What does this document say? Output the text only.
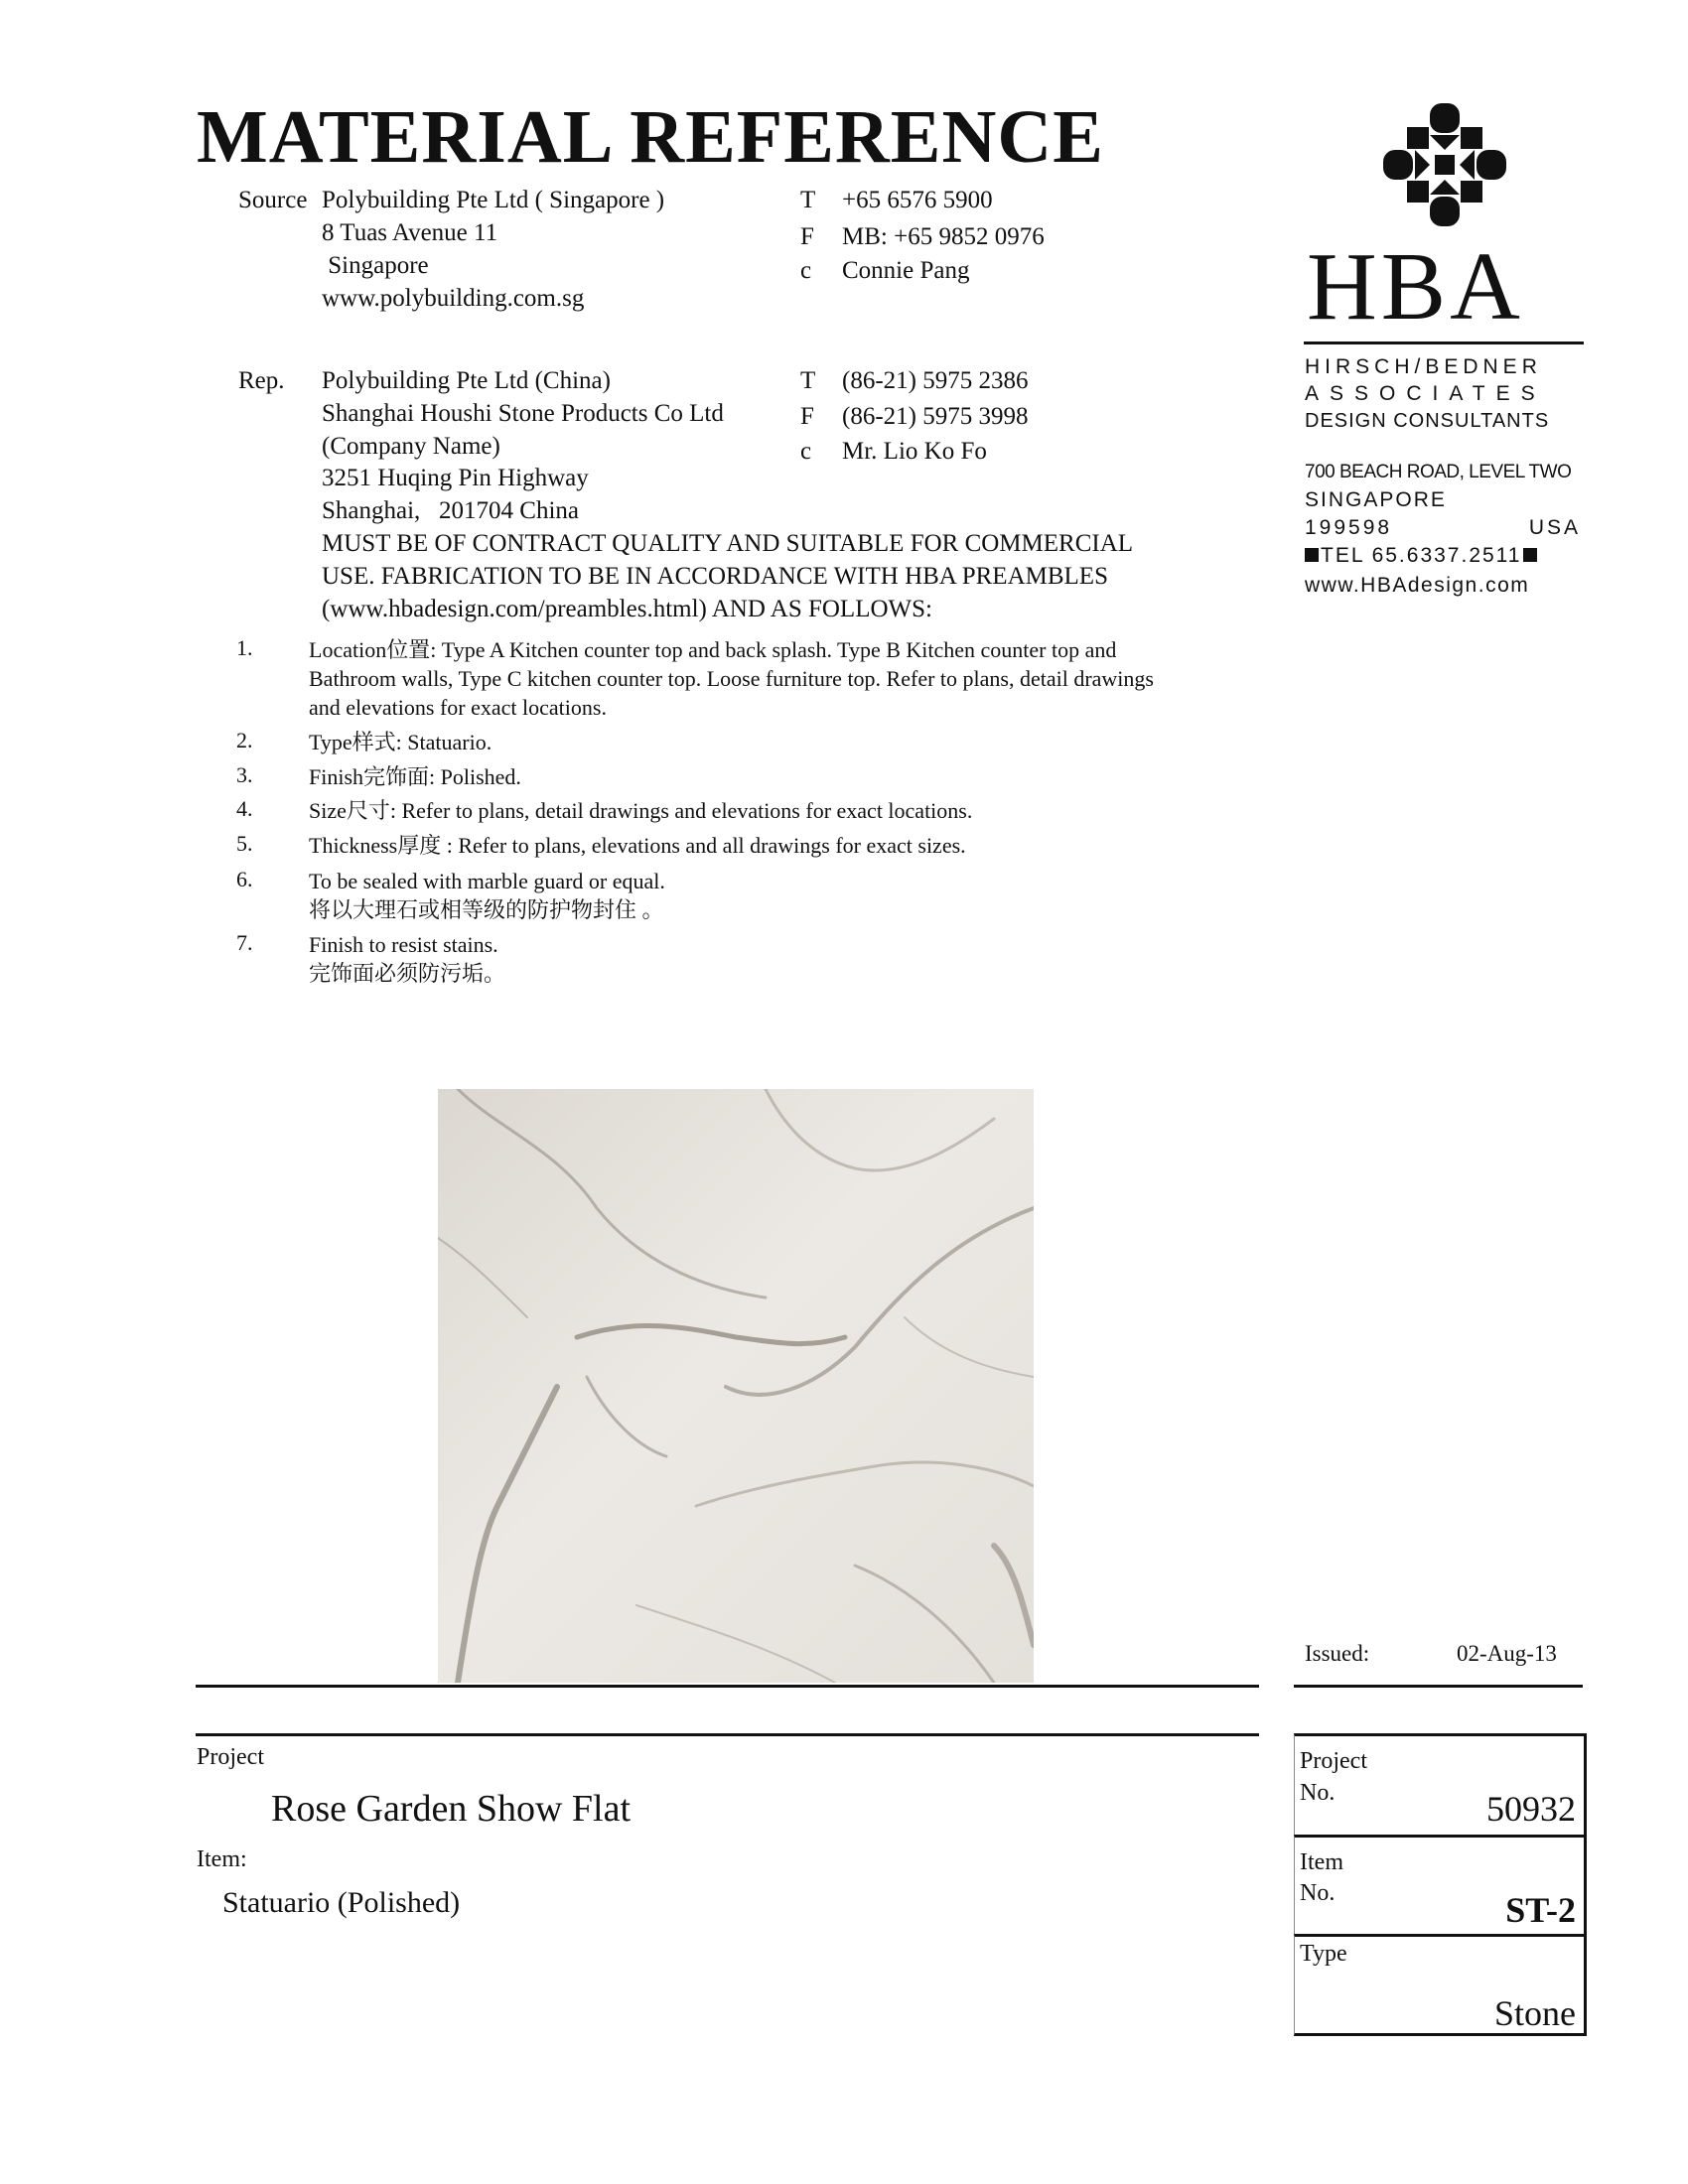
MATERIAL REFERENCE
Source Polybuilding Pte Ltd ( Singapore )
8 Tuas Avenue 11
Singapore
www.polybuilding.com.sg
T +65 6576 5900
F MB: +65 9852 0976
c Connie Pang
Rep. Polybuilding Pte Ltd (China)
Shanghai Houshi Stone Products Co Ltd
(Company Name)
3251 Huqing Pin Highway
Shanghai,   201704 China
T (86-21) 5975 2386
F (86-21) 5975 3998
c Mr. Lio Ko Fo
MUST BE OF CONTRACT QUALITY AND SUITABLE FOR COMMERCIAL
USE. FABRICATION TO BE IN ACCORDANCE WITH HBA PREAMBLES
(www.hbadesign.com/preambles.html) AND AS FOLLOWS:
1.	Location位置: Type A Kitchen counter top and back splash. Type B Kitchen counter top and
Bathroom walls, Type C kitchen counter top. Loose furniture top. Refer to plans, detail drawings
and elevations for exact locations.
2.	Type样式: Statuario.
3.	Finish完饰面: Polished.
4.	Size尺寸: Refer to plans, detail drawings and elevations for exact locations.
5.	Thickness厚度 : Refer to plans, elevations and all drawings for exact sizes.
6.	To be sealed with marble guard or equal.
将以大理石或相等级的防护物封住 。
7.	Finish to resist stains.
完饰面必须防污垢。
HBA
HIRSCH/BEDNER
ASSOCIATES
DESIGN CONSULTANTS
700 BEACH ROAD, LEVEL TWO
SINGAPORE
199598	USA
TEL 65.6337.2511
www.HBAdesign.com
Issued:	02-Aug-13
Project
Rose Garden Show Flat
Item:
Statuario (Polished)
Project
No.	50932
Item
No.	ST-2
Type
Stone
